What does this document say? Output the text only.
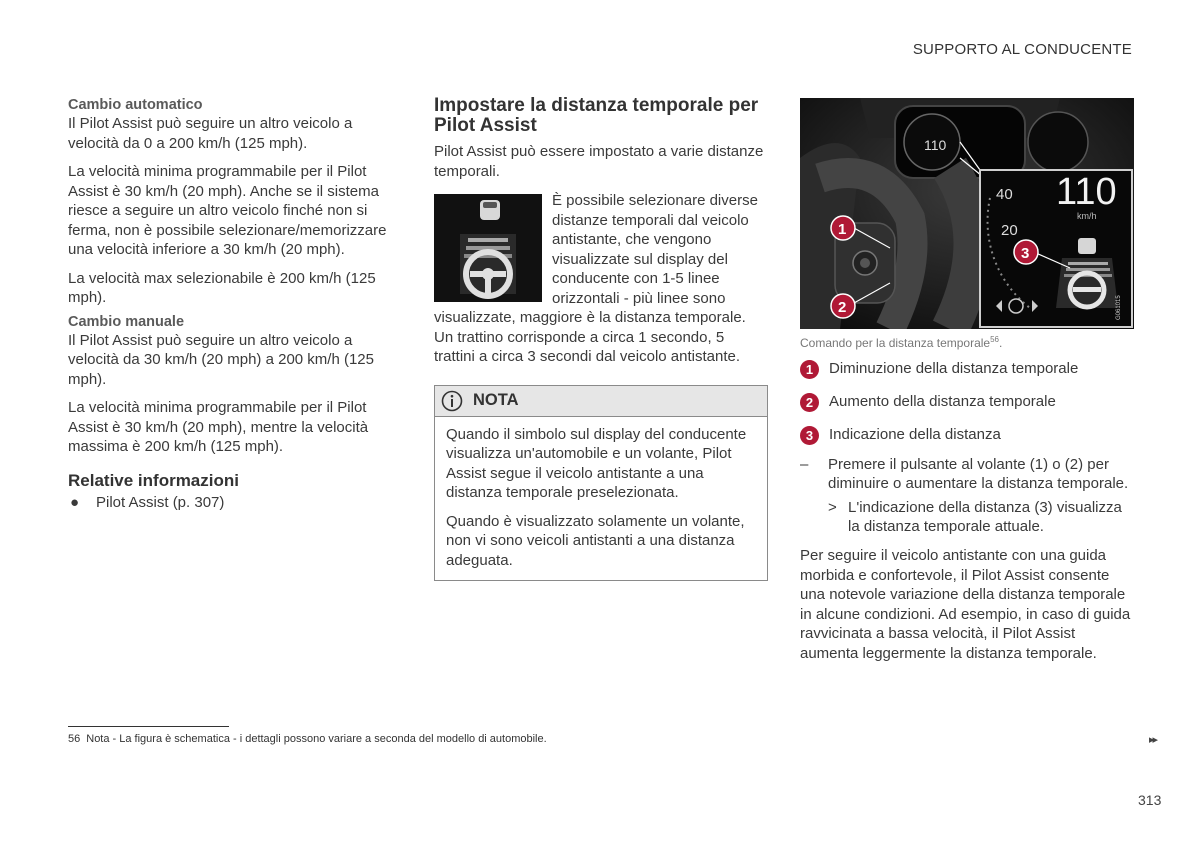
SUPPORTO AL CONDUCENTE
Cambio automatico

Il Pilot Assist può seguire un altro veicolo a velocità da 0 a 200 km/h (125 mph).

La velocità minima programmabile per il Pilot Assist è 30 km/h (20 mph). Anche se il sistema riesce a seguire un altro veicolo finché non si ferma, non è possibile selezionare/memorizzare una velocità inferiore a 30 km/h (20 mph).

La velocità max selezionabile è 200 km/h (125 mph).

Cambio manuale

Il Pilot Assist può seguire un altro veicolo a velocità da 30 km/h (20 mph) a 200 km/h (125 mph).

La velocità minima programmabile per il Pilot Assist è 30 km/h (20 mph), mentre la velocità massima è 200 km/h (125 mph).

Relative informazioni
● Pilot Assist (p. 307)
Impostare la distanza temporale per Pilot Assist

Pilot Assist può essere impostato a varie distanze temporali.

È possibile selezionare diverse distanze temporali dal veicolo antistante, che vengono visualizzate sul display del conducente con 1-5 linee orizzontali - più linee sono visualizzate, maggiore è la distanza temporale. Un trattino corrisponde a circa 1 secondo, 5 trattini a circa 3 secondi dal veicolo antistante.

NOTA

Quando il simbolo sul display del conducente visualizza un'automobile e un volante, Pilot Assist segue il veicolo antistante a una distanza temporale preselezionata.

Quando è visualizzato solamente un volante, non vi sono veicoli antistanti a una distanza adeguata.

110
40
20
110
km/h
G061015
1
2
3
Comando per la distanza temporale$^{56}$.
1	Diminuzione della distanza temporale
2	Aumento della distanza temporale
3	Indicazione della distanza
– Premere il pulsante al volante (1) o (2) per diminuire o aumentare la distanza temporale.
> L'indicazione della distanza (3) visualizza la distanza temporale attuale.

Per seguire il veicolo antistante con una guida morbida e confortevole, il Pilot Assist consente una notevole variazione della distanza temporale in alcune condizioni. Ad esempio, in caso di guida ravvicinata a bassa velocità, il Pilot Assist aumenta leggermente la distanza temporale.

56 Nota - La figura è schematica - i dettagli possono variare a seconda del modello di automobile.	▸▸
313
